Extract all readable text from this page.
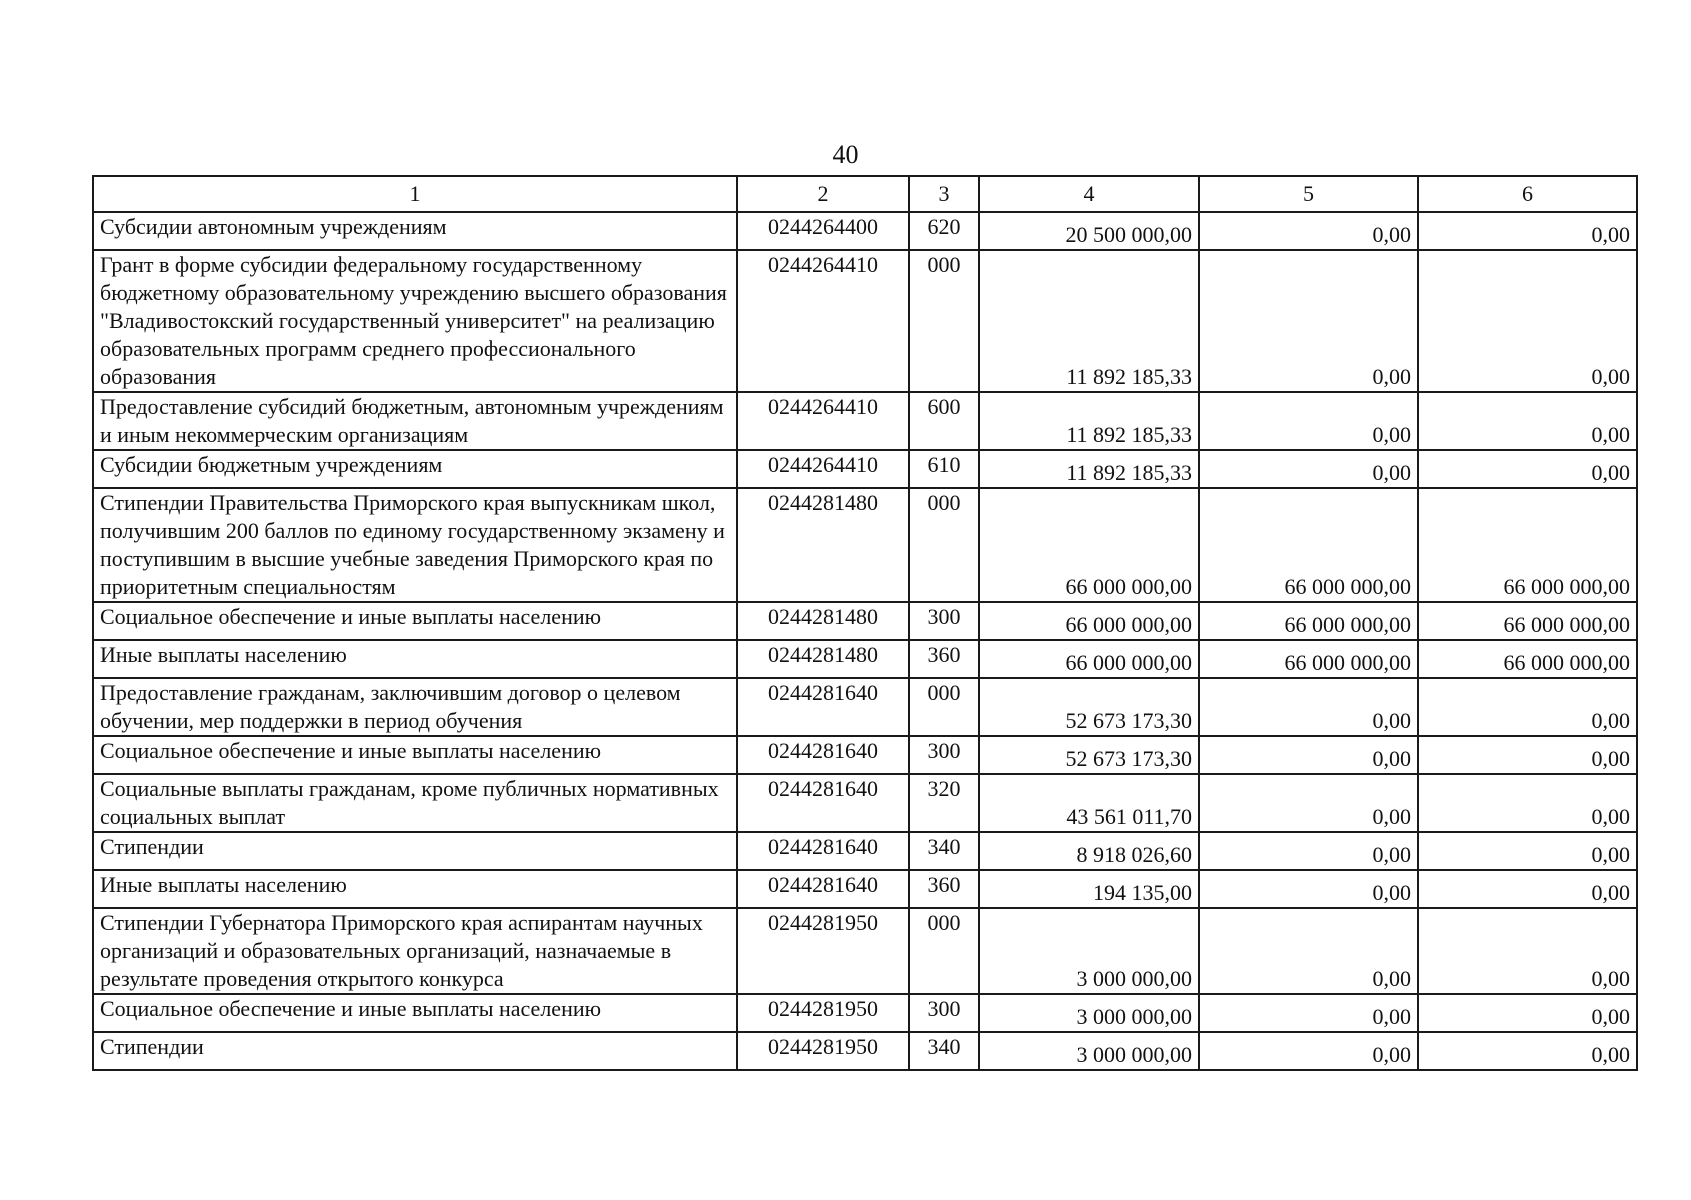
40
1	2	3	4	5	6
Субсидии автономным учреждениям	0244264400	620	20 500 000,00	0,00	0,00
Грант в форме субсидии федеральному государственному бюджетному образовательному учреждению высшего образования "Владивостокский государственный университет" на реализацию образовательных программ среднего профессионального образования	0244264410	000	11 892 185,33	0,00	0,00
Предоставление субсидий бюджетным, автономным учреждениям и иным некоммерческим организациям	0244264410	600	11 892 185,33	0,00	0,00
Субсидии бюджетным учреждениям	0244264410	610	11 892 185,33	0,00	0,00
Стипендии Правительства Приморского края выпускникам школ, получившим 200 баллов по единому государственному экзамену и поступившим в высшие учебные заведения Приморского края по приоритетным специальностям	0244281480	000	66 000 000,00	66 000 000,00	66 000 000,00
Социальное обеспечение и иные выплаты населению	0244281480	300	66 000 000,00	66 000 000,00	66 000 000,00
Иные выплаты населению	0244281480	360	66 000 000,00	66 000 000,00	66 000 000,00
Предоставление гражданам, заключившим договор о целевом обучении, мер поддержки в период обучения	0244281640	000	52 673 173,30	0,00	0,00
Социальное обеспечение и иные выплаты населению	0244281640	300	52 673 173,30	0,00	0,00
Социальные выплаты гражданам, кроме публичных нормативных социальных выплат	0244281640	320	43 561 011,70	0,00	0,00
Стипендии	0244281640	340	8 918 026,60	0,00	0,00
Иные выплаты населению	0244281640	360	194 135,00	0,00	0,00
Стипендии Губернатора Приморского края аспирантам научных организаций и образовательных организаций, назначаемые в результате проведения открытого конкурса	0244281950	000	3 000 000,00	0,00	0,00
Социальное обеспечение и иные выплаты населению	0244281950	300	3 000 000,00	0,00	0,00
Стипендии	0244281950	340	3 000 000,00	0,00	0,00
